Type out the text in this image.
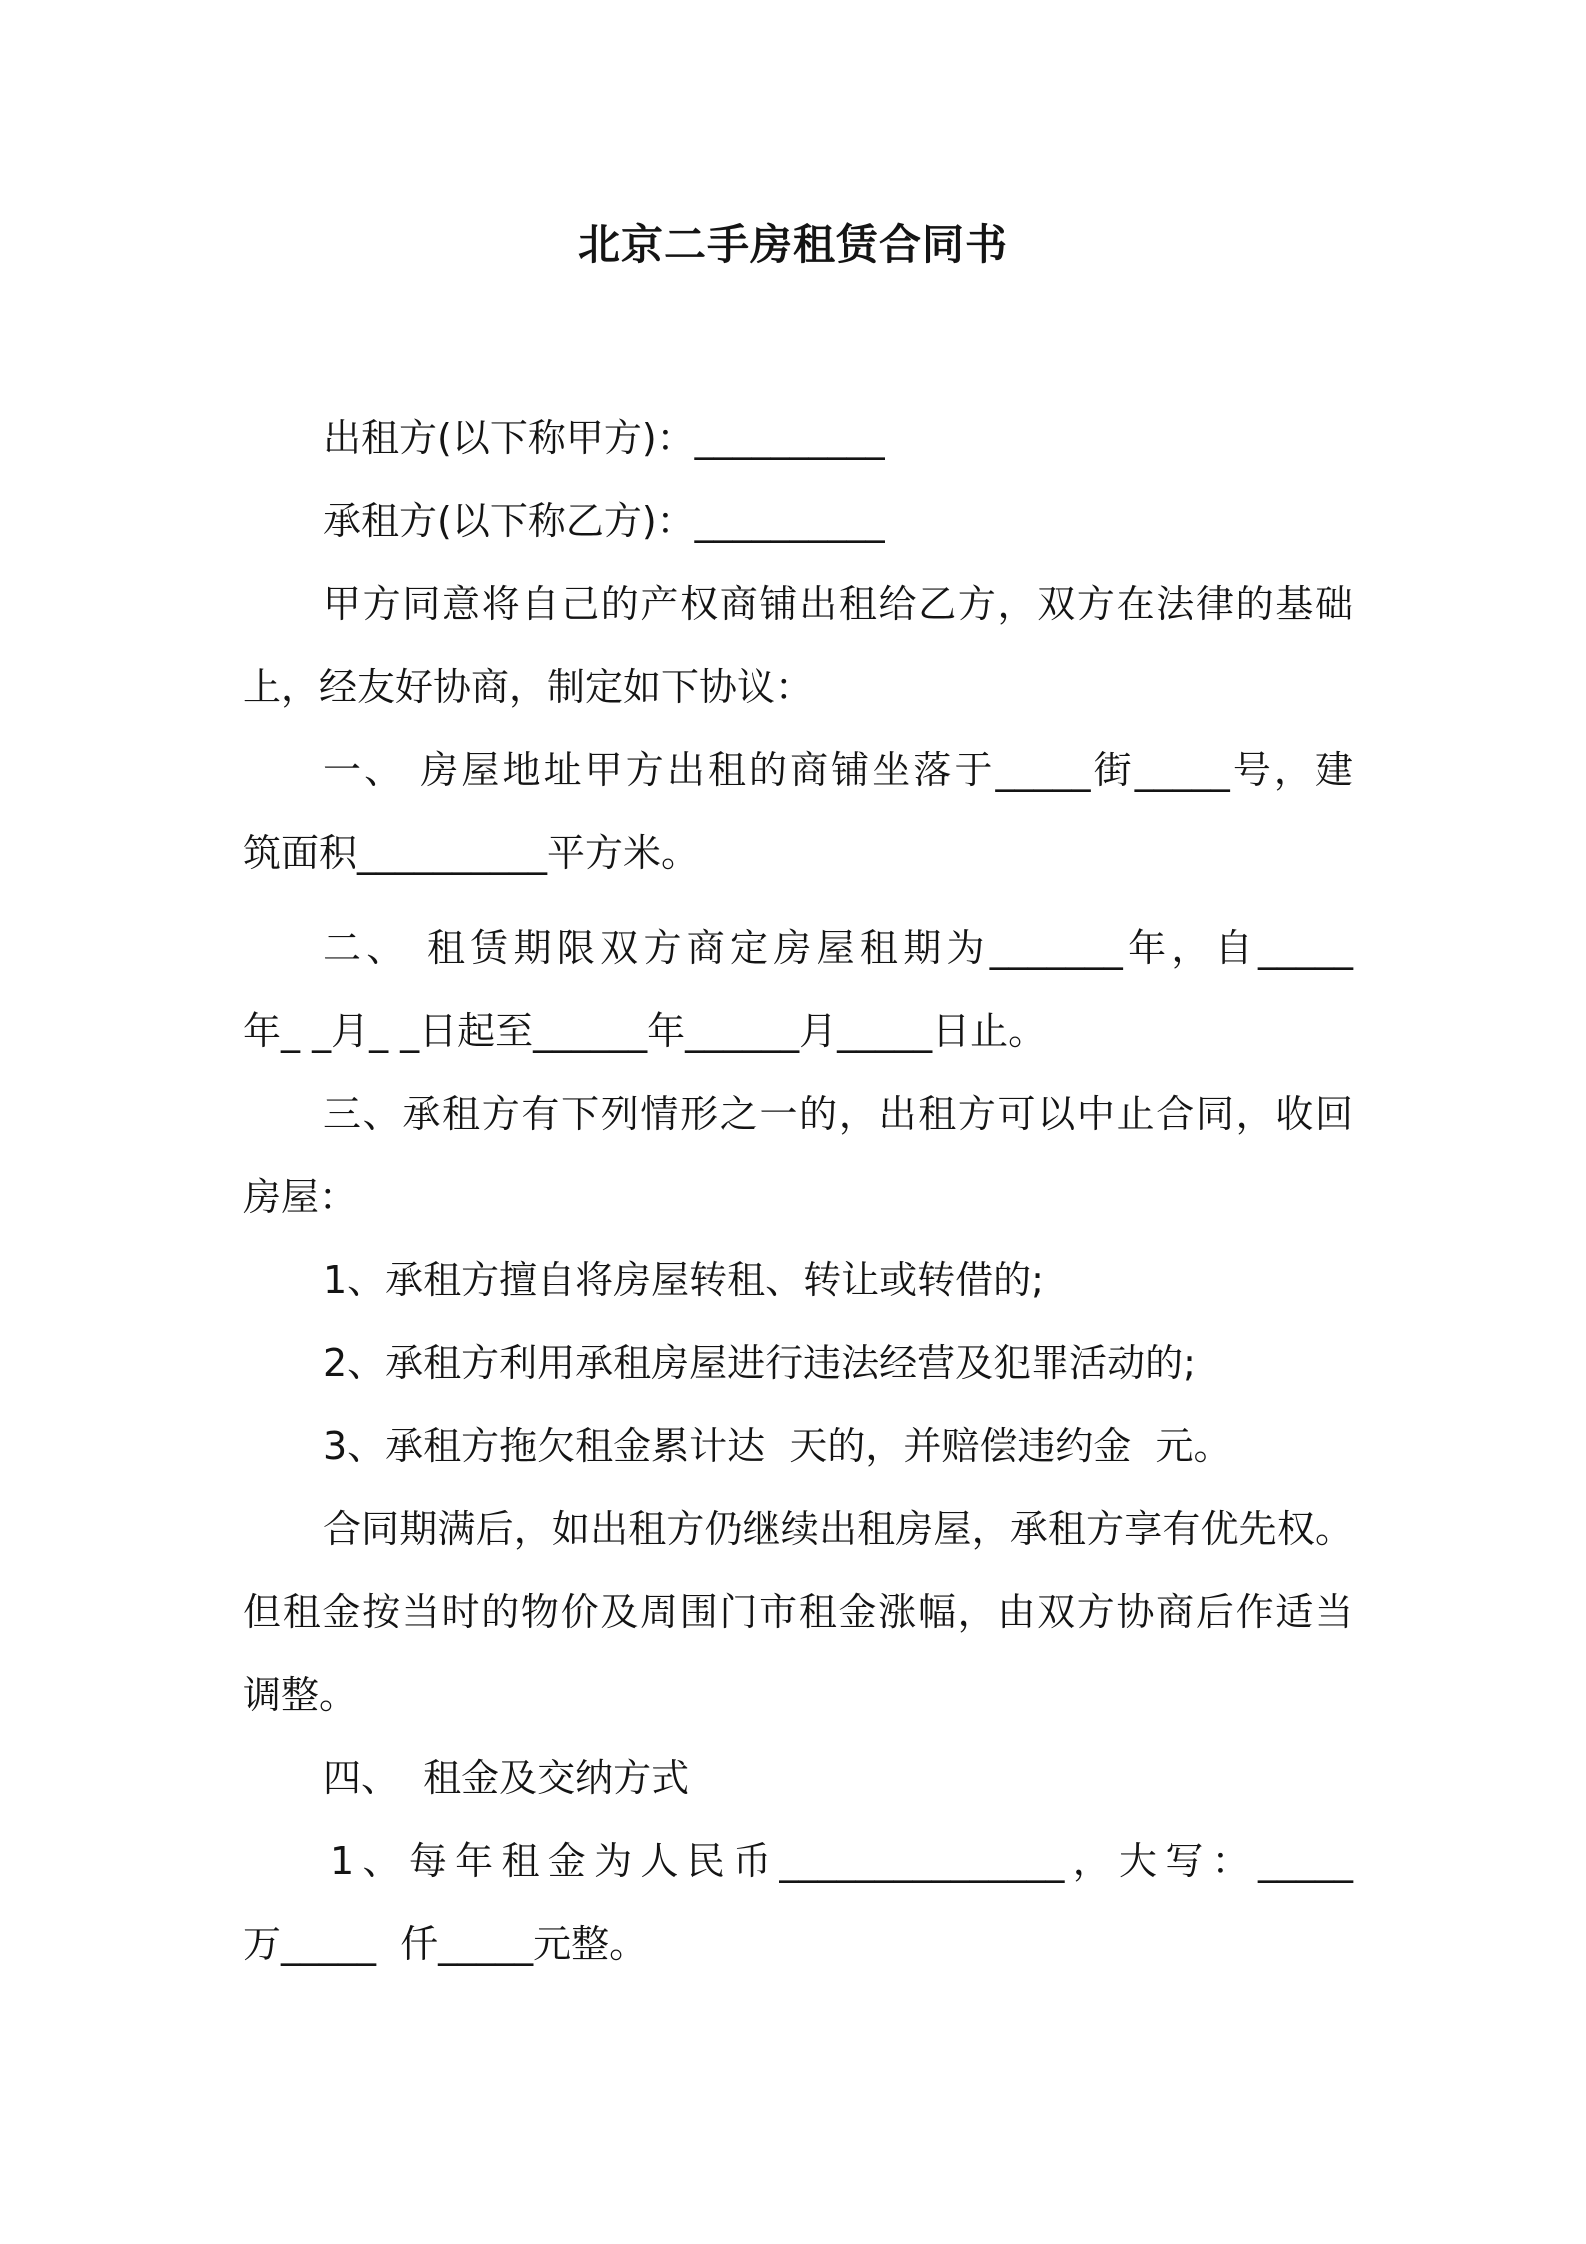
北京二手房租赁合同书
出租方(以下称甲方)：__________
承租方(以下称乙方)：__________
甲方同意将自己的产权商铺出租给乙方，双方在法律的基础
上，经友好协商，制定如下协议：
一、 房屋地址甲方出租的商铺坐落于_____街_____号，建
筑面积__________平方米。
二、 租赁期限双方商定房屋租期为_______年，自_____
年_ _月_ _日起至______年______月_____日止。
三、承租方有下列情形之一的，出租方可以中止合同，收回
房屋：
1、承租方擅自将房屋转租、转让或转借的;
2、承租方利用承租房屋进行违法经营及犯罪活动的;
3、承租方拖欠租金累计达  天的，并赔偿违约金  元。
合同期满后，如出租方仍继续出租房屋，承租方享有优先权。
但租金按当时的物价及周围门市租金涨幅，由双方协商后作适当
调整。
四、  租金及交纳方式
1、每年租金为人民币_______________，大写：_____
万_____  仟_____元整。
